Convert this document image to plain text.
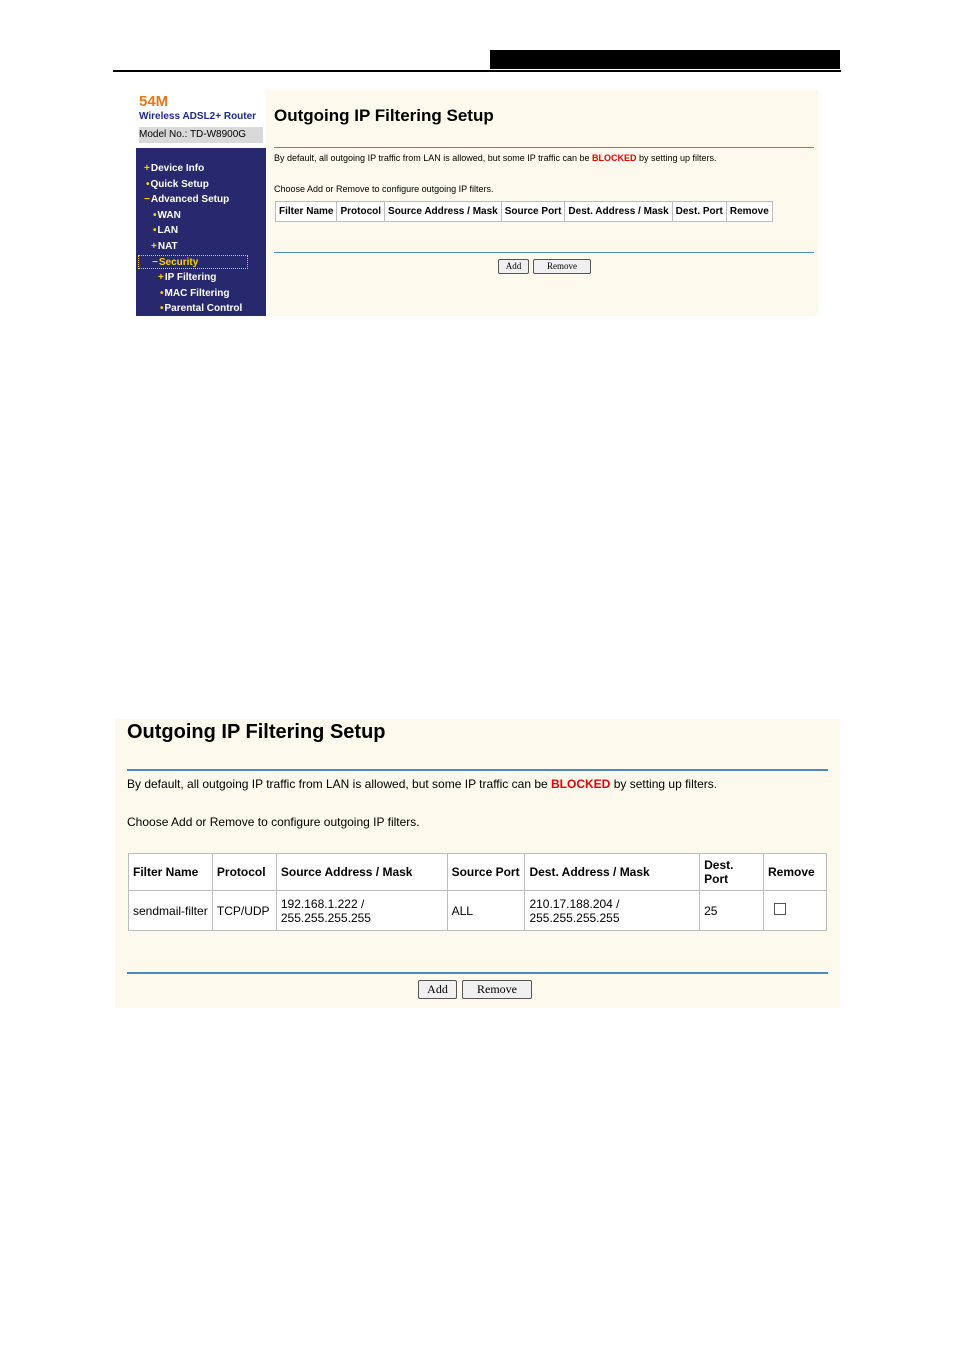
54M
Wireless ADSL2+ Router
Model No.: TD-W8900G
+Device Info
•Quick Setup
−Advanced Setup
•WAN
•LAN
+NAT
−Security
+IP Filtering
•MAC Filtering
•Parental Control
Outgoing IP Filtering Setup
By default, all outgoing IP traffic from LAN is allowed, but some IP traffic can be BLOCKED by setting up filters.
Choose Add or Remove to configure outgoing IP filters.
Filter Name	Protocol	Source Address / Mask	Source Port	Dest. Address / Mask	Dest. Port	Remove
Add	Remove
Outgoing IP Filtering Setup
By default, all outgoing IP traffic from LAN is allowed, but some IP traffic can be BLOCKED by setting up filters.
Choose Add or Remove to configure outgoing IP filters.
Filter Name	Protocol	Source Address / Mask	Source Port	Dest. Address / Mask	Dest. Port	Remove
sendmail-filter	TCP/UDP	192.168.1.222 / 255.255.255.255	ALL	210.17.188.204 / 255.255.255.255	25	
Add	Remove
